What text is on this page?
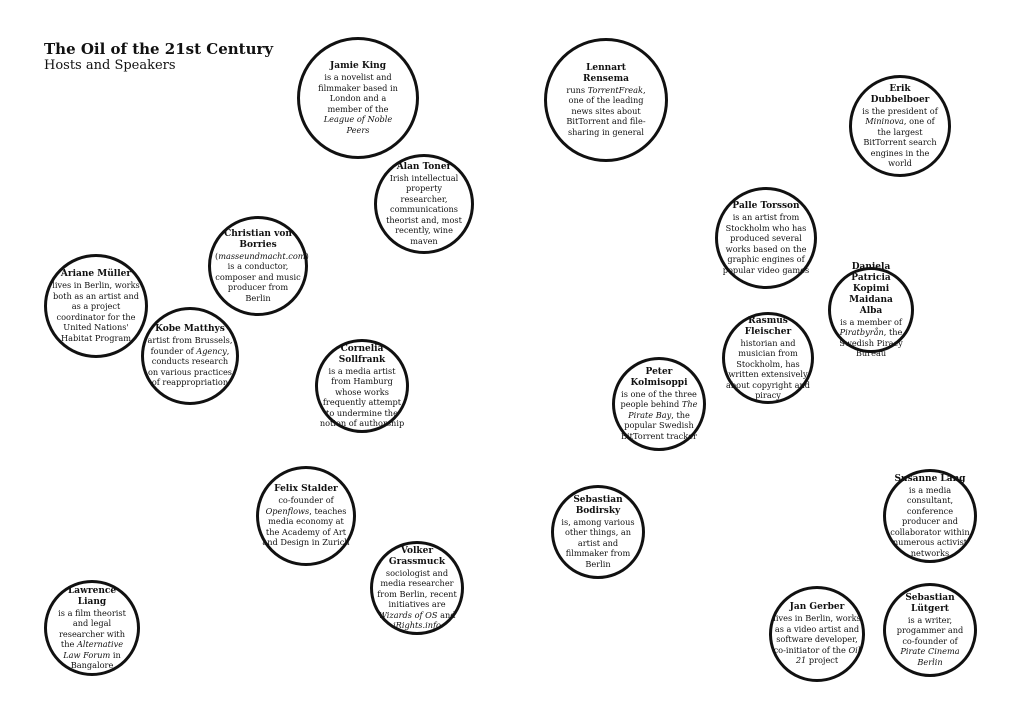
The Oil of the 21st Century
Hosts and Speakers	Jamie King
is a novelist and filmmaker based in London and a member of the League of Noble Peers
Lennart Rensema
runs TorrentFreak, one of the leading news sites about BitTorrent and file-sharing in general
Erik Dubbelboer
is the president of Mininova, one of the largest BitTorrent search engines in the world
Alan Toner
Irish intellectual property researcher, communications theorist and, most recently, wine maven
Christian von Borries
(masseundmacht.com) is a conductor, composer and music producer from Berlin
Palle Torsson
is an artist from Stockholm who has produced several works based on the graphic engines of popular video games
Ariane Müller
lives in Berlin, works both as an artist and as a project coordinator for the United Nations' Habitat Program
Daniela Patricia Kopimi Maidana Alba
is a member of Piratbyrån, the Swedish Piracy Bureau
Kobe Matthys
artist from Brussels, founder of Agency, conducts research on various practices of reappropriation
Rasmus Fleischer
historian and musician from Stockholm, has written extensively about copyright and piracy
Cornelia Sollfrank
is a media artist from Hamburg whose works frequently attempt to undermine the notion of authorship
Peter Kolmisoppi
is one of the three people behind The Pirate Bay, the popular Swedish BitTorrent tracker
Felix Stalder
co-founder of Openflows, teaches media economy at the Academy of Art and Design in Zurich
Sebastian Bodirsky
is, among various other things, an artist and filmmaker from Berlin
Susanne Lang
is a media consultant, conference producer and collaborator within numerous activist networks
Volker Grassmuck
sociologist and media researcher from Berlin, recent initiatives are Wizards of OS and iRights.info
Lawrence Liang
is a film theorist and legal researcher with the Alternative Law Forum in Bangalore
Jan Gerber
lives in Berlin, works as a video artist and software developer, co-initiator of the Oil 21 project
Sebastian Lütgert
is a writer, progammer and co-founder of Pirate Cinema Berlin
